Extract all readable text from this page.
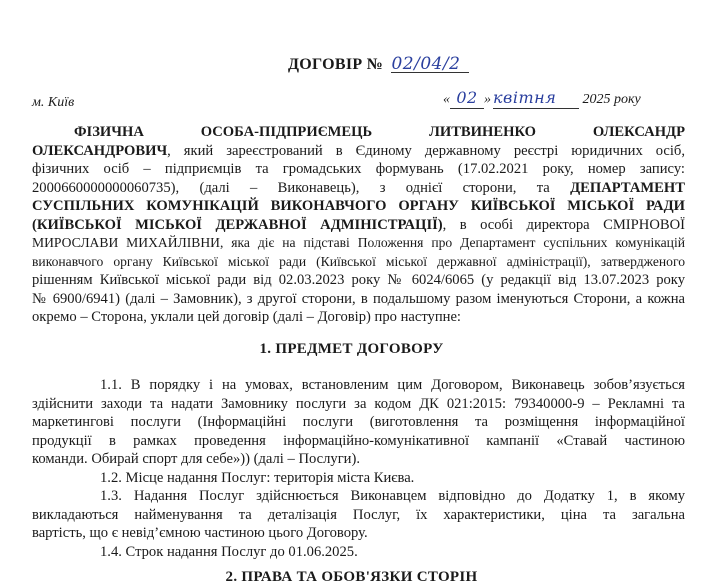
ДОГОВІР № 02/04/2
м. Київ	« 02 » квітня 2025 року
ФІЗИЧНА ОСОБА-ПІДПРИЄМЕЦЬ ЛИТВИНЕНКО ОЛЕКСАНДР
ОЛЕКСАНДРОВИЧ, який зареєстрований в Єдиному державному реєстрі юридичних осіб,
фізичних осіб – підприємців та громадських формувань (17.02.2021 року, номер запису:
2000660000000060735), (далі – Виконавець), з однієї сторони, та ДЕПАРТАМЕНТ
СУСПІЛЬНИХ КОМУНІКАЦІЙ ВИКОНАВЧОГО ОРГАНУ КИЇВСЬКОЇ МІСЬКОЇ РАДИ
(КИЇВСЬКОЇ МІСЬКОЇ ДЕРЖАВНОЇ АДМІНІСТРАЦІЇ), в особі директора СМІРНОВОЇ
МИРОСЛАВИ МИХАЙЛІВНИ, яка діє на підставі Положення про Департамент суспільних комунікацій
виконавчого органу Київської міської ради (Київської міської державної адміністрації), затвердженого
рішенням Київської міської ради від 02.03.2023 року № 6024/6065 (у редакції від 13.07.2023 року
№ 6900/6941) (далі – Замовник), з другої сторони, в подальшому разом іменуються Сторони, а кожна
окремо – Сторона, уклали цей договір (далі – Договір) про наступне:
1. ПРЕДМЕТ ДОГОВОРУ
1.1. В порядку і на умовах, встановленим цим Договором, Виконавець зобов’язується
здійснити заходи та надати Замовнику послуги за кодом ДК 021:2015: 79340000-9 – Рекламні та
маркетингові послуги (Інформаційні послуги (виготовлення та розміщення інформаційної
продукції в рамках проведення інформаційно-комунікативної кампанії «Ставай частиною
команди. Обирай спорт для себе»)) (далі – Послуги).
1.2. Місце надання Послуг: територія міста Києва.
1.3. Надання Послуг здійснюється Виконавцем відповідно до Додатку 1, в якому
викладаються найменування та деталізація Послуг, їх характеристики, ціна та загальна
вартість, що є невід’ємною частиною цього Договору.
1.4. Строк надання Послуг до 01.06.2025.
2. ПРАВА ТА ОБОВ'ЯЗКИ СТОРІН
